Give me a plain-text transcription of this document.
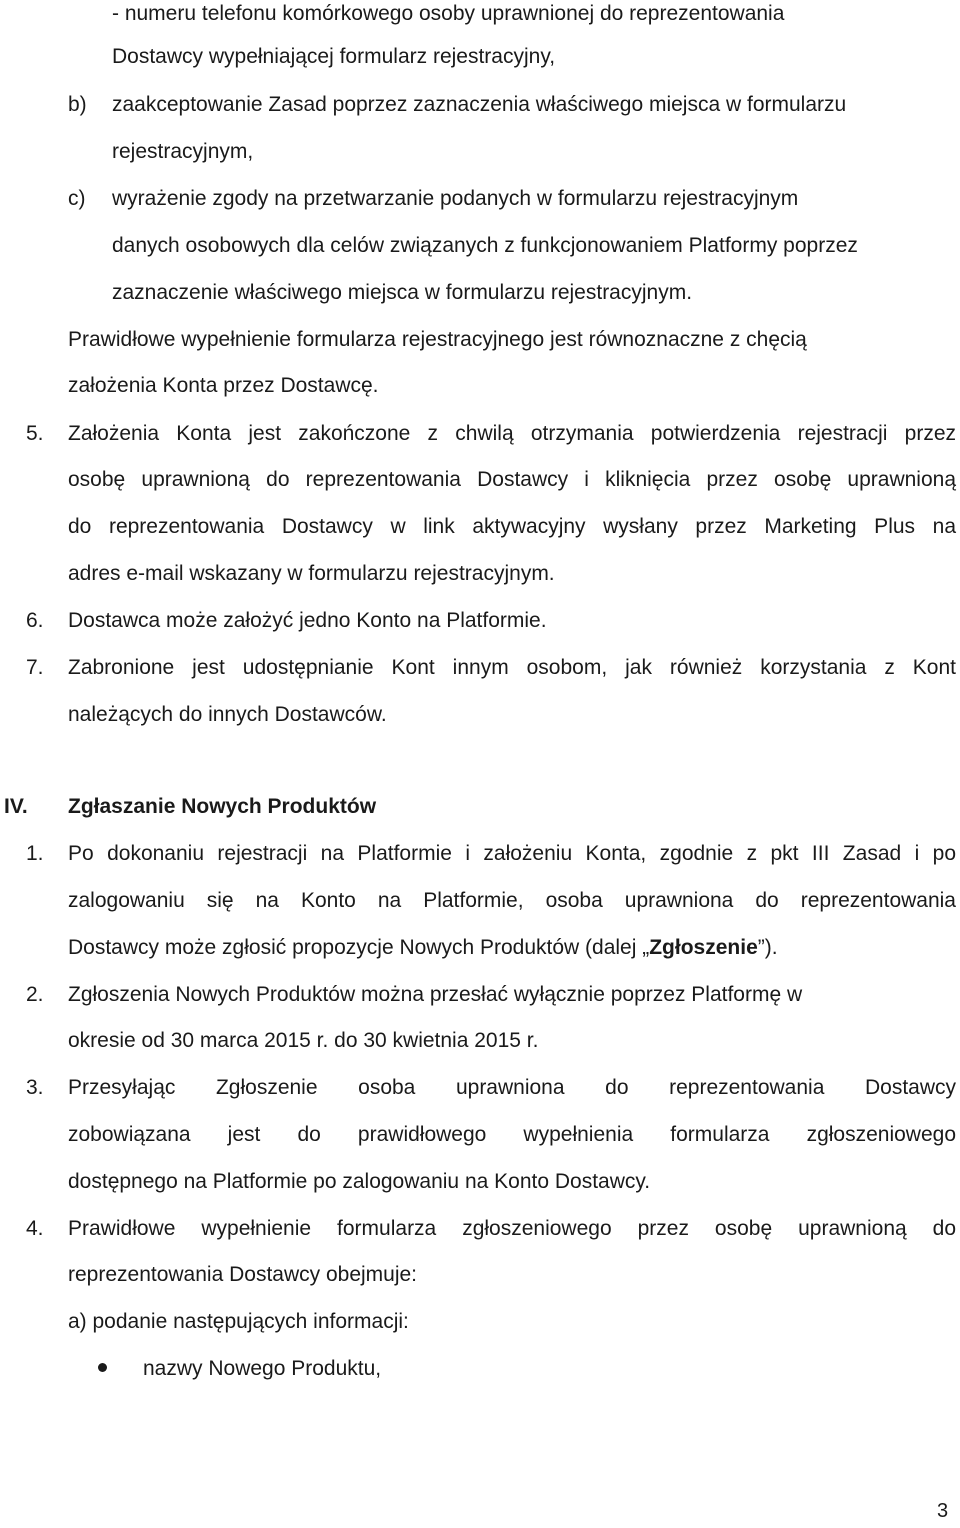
- numeru telefonu komórkowego osoby uprawnionej do reprezentowania

Dostawcy wypełniającej formularz rejestracyjny,

b) zaakceptowanie Zasad poprzez zaznaczenia właściwego miejsca w formularzu

rejestracyjnym,

c) wyrażenie zgody na przetwarzanie podanych w formularzu rejestracyjnym

danych osobowych dla celów związanych z funkcjonowaniem Platformy poprzez

zaznaczenie właściwego miejsca w formularzu rejestracyjnym.

Prawidłowe wypełnienie formularza rejestracyjnego jest równoznaczne z chęcią

założenia Konta przez Dostawcę.

5. Założenia Konta jest zakończone z chwilą otrzymania potwierdzenia rejestracji przez

osobę uprawnioną do reprezentowania Dostawcy i kliknięcia przez osobę uprawnioną

do reprezentowania Dostawcy w link aktywacyjny wysłany przez Marketing Plus na

adres e-mail wskazany w formularzu rejestracyjnym.

6. Dostawca może założyć jedno Konto na Platformie.

7. Zabronione jest udostępnianie Kont innym osobom, jak również korzystania z Kont

należących do innych Dostawców.

IV. Zgłaszanie Nowych Produktów
1. Po dokonaniu rejestracji na Platformie i założeniu Konta, zgodnie z pkt III Zasad i po

zalogowaniu się na Konto na Platformie, osoba uprawniona do reprezentowania

Dostawcy może zgłosić propozycje Nowych Produktów (dalej „Zgłoszenie”).

2. Zgłoszenia Nowych Produktów można przesłać wyłącznie poprzez Platformę w

okresie od 30 marca 2015 r. do 30 kwietnia 2015 r.

3. Przesyłając Zgłoszenie osoba uprawniona do reprezentowania Dostawcy

zobowiązana jest do prawidłowego wypełnienia formularza zgłoszeniowego

dostępnego na Platformie po zalogowaniu na Konto Dostawcy.

4. Prawidłowe wypełnienie formularza zgłoszeniowego przez osobę uprawnioną do

reprezentowania Dostawcy obejmuje:

a) podanie następujących informacji:

nazwy Nowego Produktu,

3
